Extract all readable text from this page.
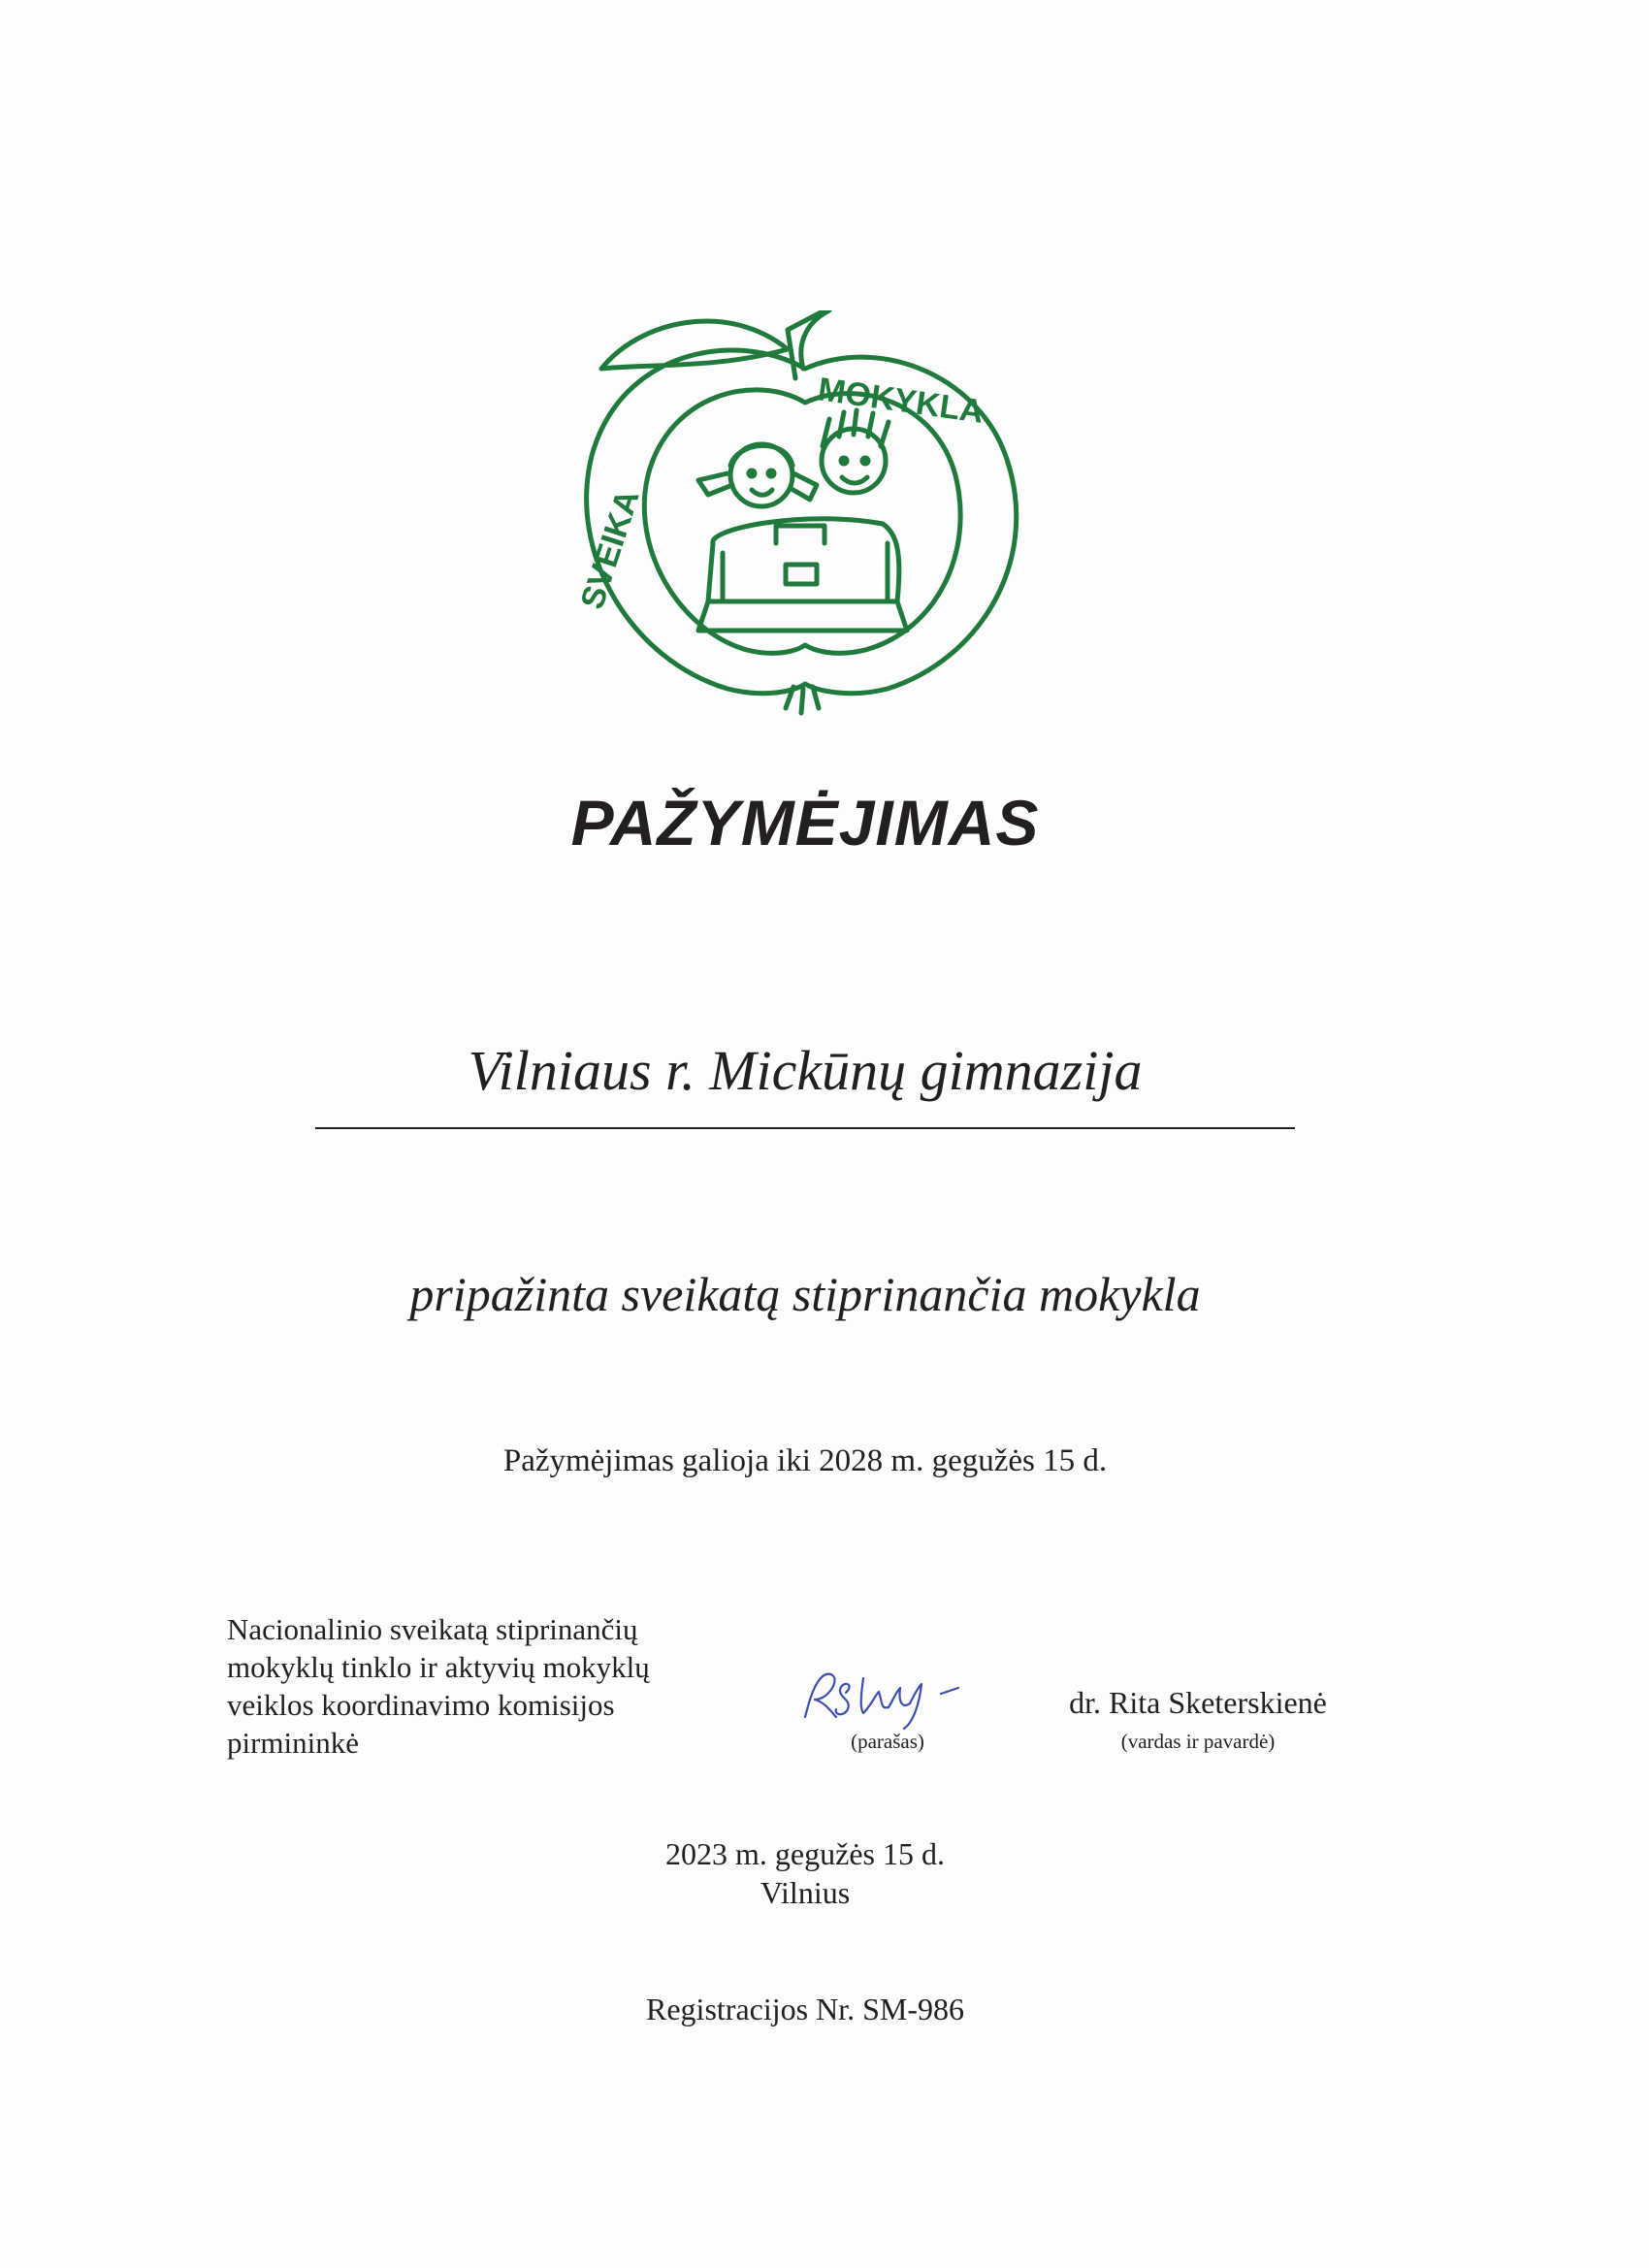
MOKYKLA
SVEIKA
PAŽYMĖJIMAS
Vilniaus r. Mickūnų gimnazija
pripažinta sveikatą stiprinančia mokykla
Pažymėjimas galioja iki 2028 m. gegužės 15 d.
Nacionalinio sveikatą stiprinančių
mokyklų tinklo ir aktyvių mokyklų
veiklos koordinavimo komisijos
pirmininkė	(parašas)
dr. Rita Sketerskienė
(vardas ir pavardė)
2023 m. gegužės 15 d.
Vilnius
Registracijos Nr. SM-986
